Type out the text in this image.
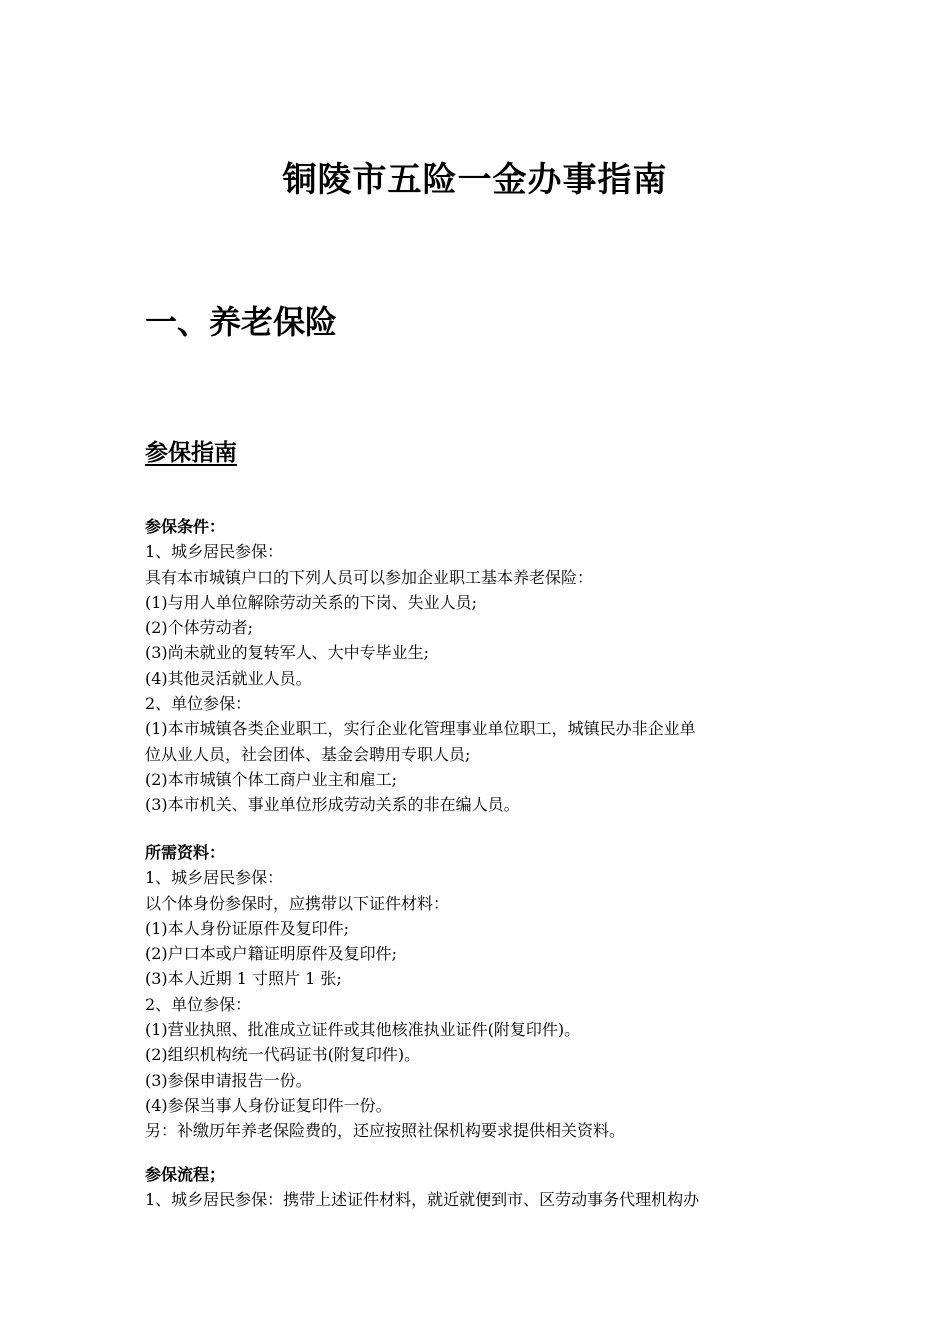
铜陵市五险一金办事指南
一、养老保险
参保指南
参保条件：
1、城乡居民参保：
具有本市城镇户口的下列人员可以参加企业职工基本养老保险：
(1)与用人单位解除劳动关系的下岗、失业人员;
(2)个体劳动者;
(3)尚未就业的复转军人、大中专毕业生;
(4)其他灵活就业人员。
2、单位参保：
(1)本市城镇各类企业职工，实行企业化管理事业单位职工，城镇民办非企业单
位从业人员，社会团体、基金会聘用专职人员;
(2)本市城镇个体工商户业主和雇工;
(3)本市机关、事业单位形成劳动关系的非在编人员。
所需资料：
1、城乡居民参保：
以个体身份参保时，应携带以下证件材料：
(1)本人身份证原件及复印件;
(2)户口本或户籍证明原件及复印件;
(3)本人近期 1 寸照片 1 张;
2、单位参保：
(1)营业执照、批准成立证件或其他核准执业证件(附复印件)。
(2)组织机构统一代码证书(附复印件)。
(3)参保申请报告一份。
(4)参保当事人身份证复印件一份。
另：补缴历年养老保险费的，还应按照社保机构要求提供相关资料。
参保流程；
1、城乡居民参保：携带上述证件材料，就近就便到市、区劳动事务代理机构办
